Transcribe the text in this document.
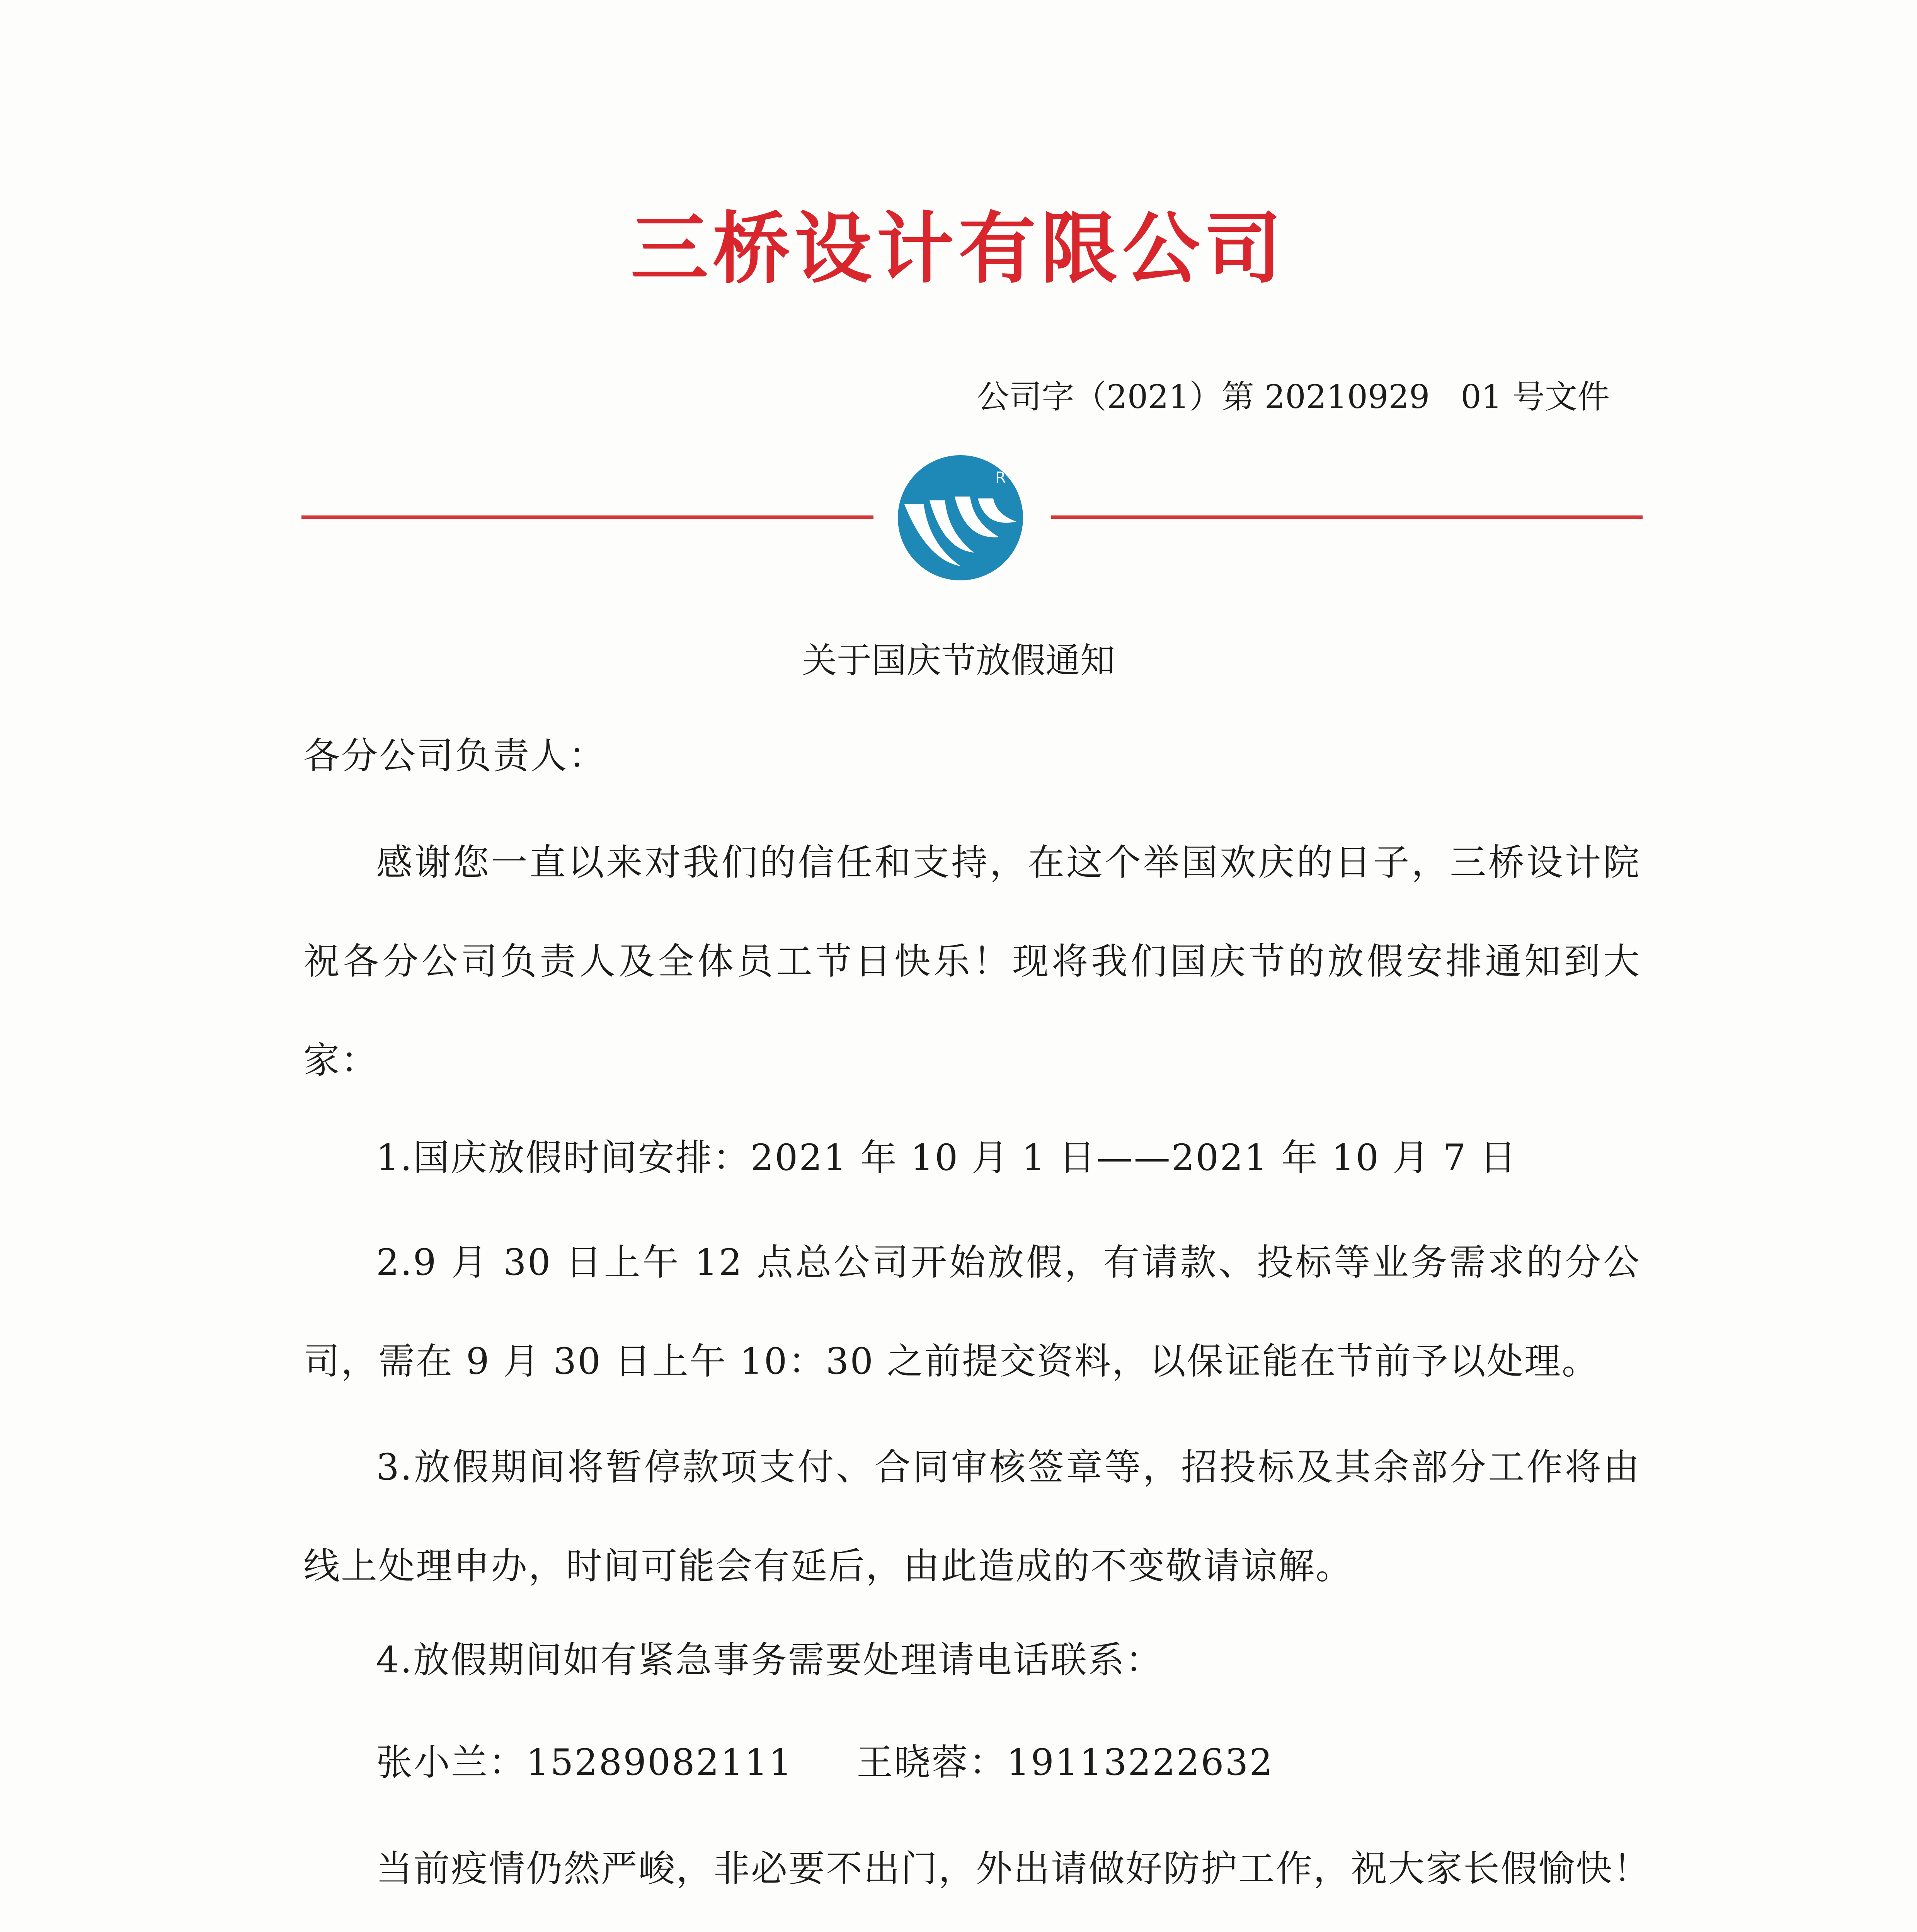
三桥设计有限公司
公司字（2021）第 20210929   01 号文件
R
关于国庆节放假通知
各分公司负责人：

感谢您一直以来对我们的信任和支持，在这个举国欢庆的日子，三桥设计院祝各分公司负责人及全体员工节日快乐！现将我们国庆节的放假安排通知到大家：

1.国庆放假时间安排：2021 年 10 月 1 日——2021 年 10 月 7 日

2.9 月 30 日上午 12 点总公司开始放假，有请款、投标等业务需求的分公司，需在 9 月 30 日上午 10：30 之前提交资料，以保证能在节前予以处理。

3.放假期间将暂停款项支付、合同审核签章等，招投标及其余部分工作将由线上处理申办，时间可能会有延后，由此造成的不变敬请谅解。

4.放假期间如有紧急事务需要处理请电话联系：
张小兰：15289082111     王晓蓉：19113222632
当前疫情仍然严峻，非必要不出门，外出请做好防护工作，祝大家长假愉快！
